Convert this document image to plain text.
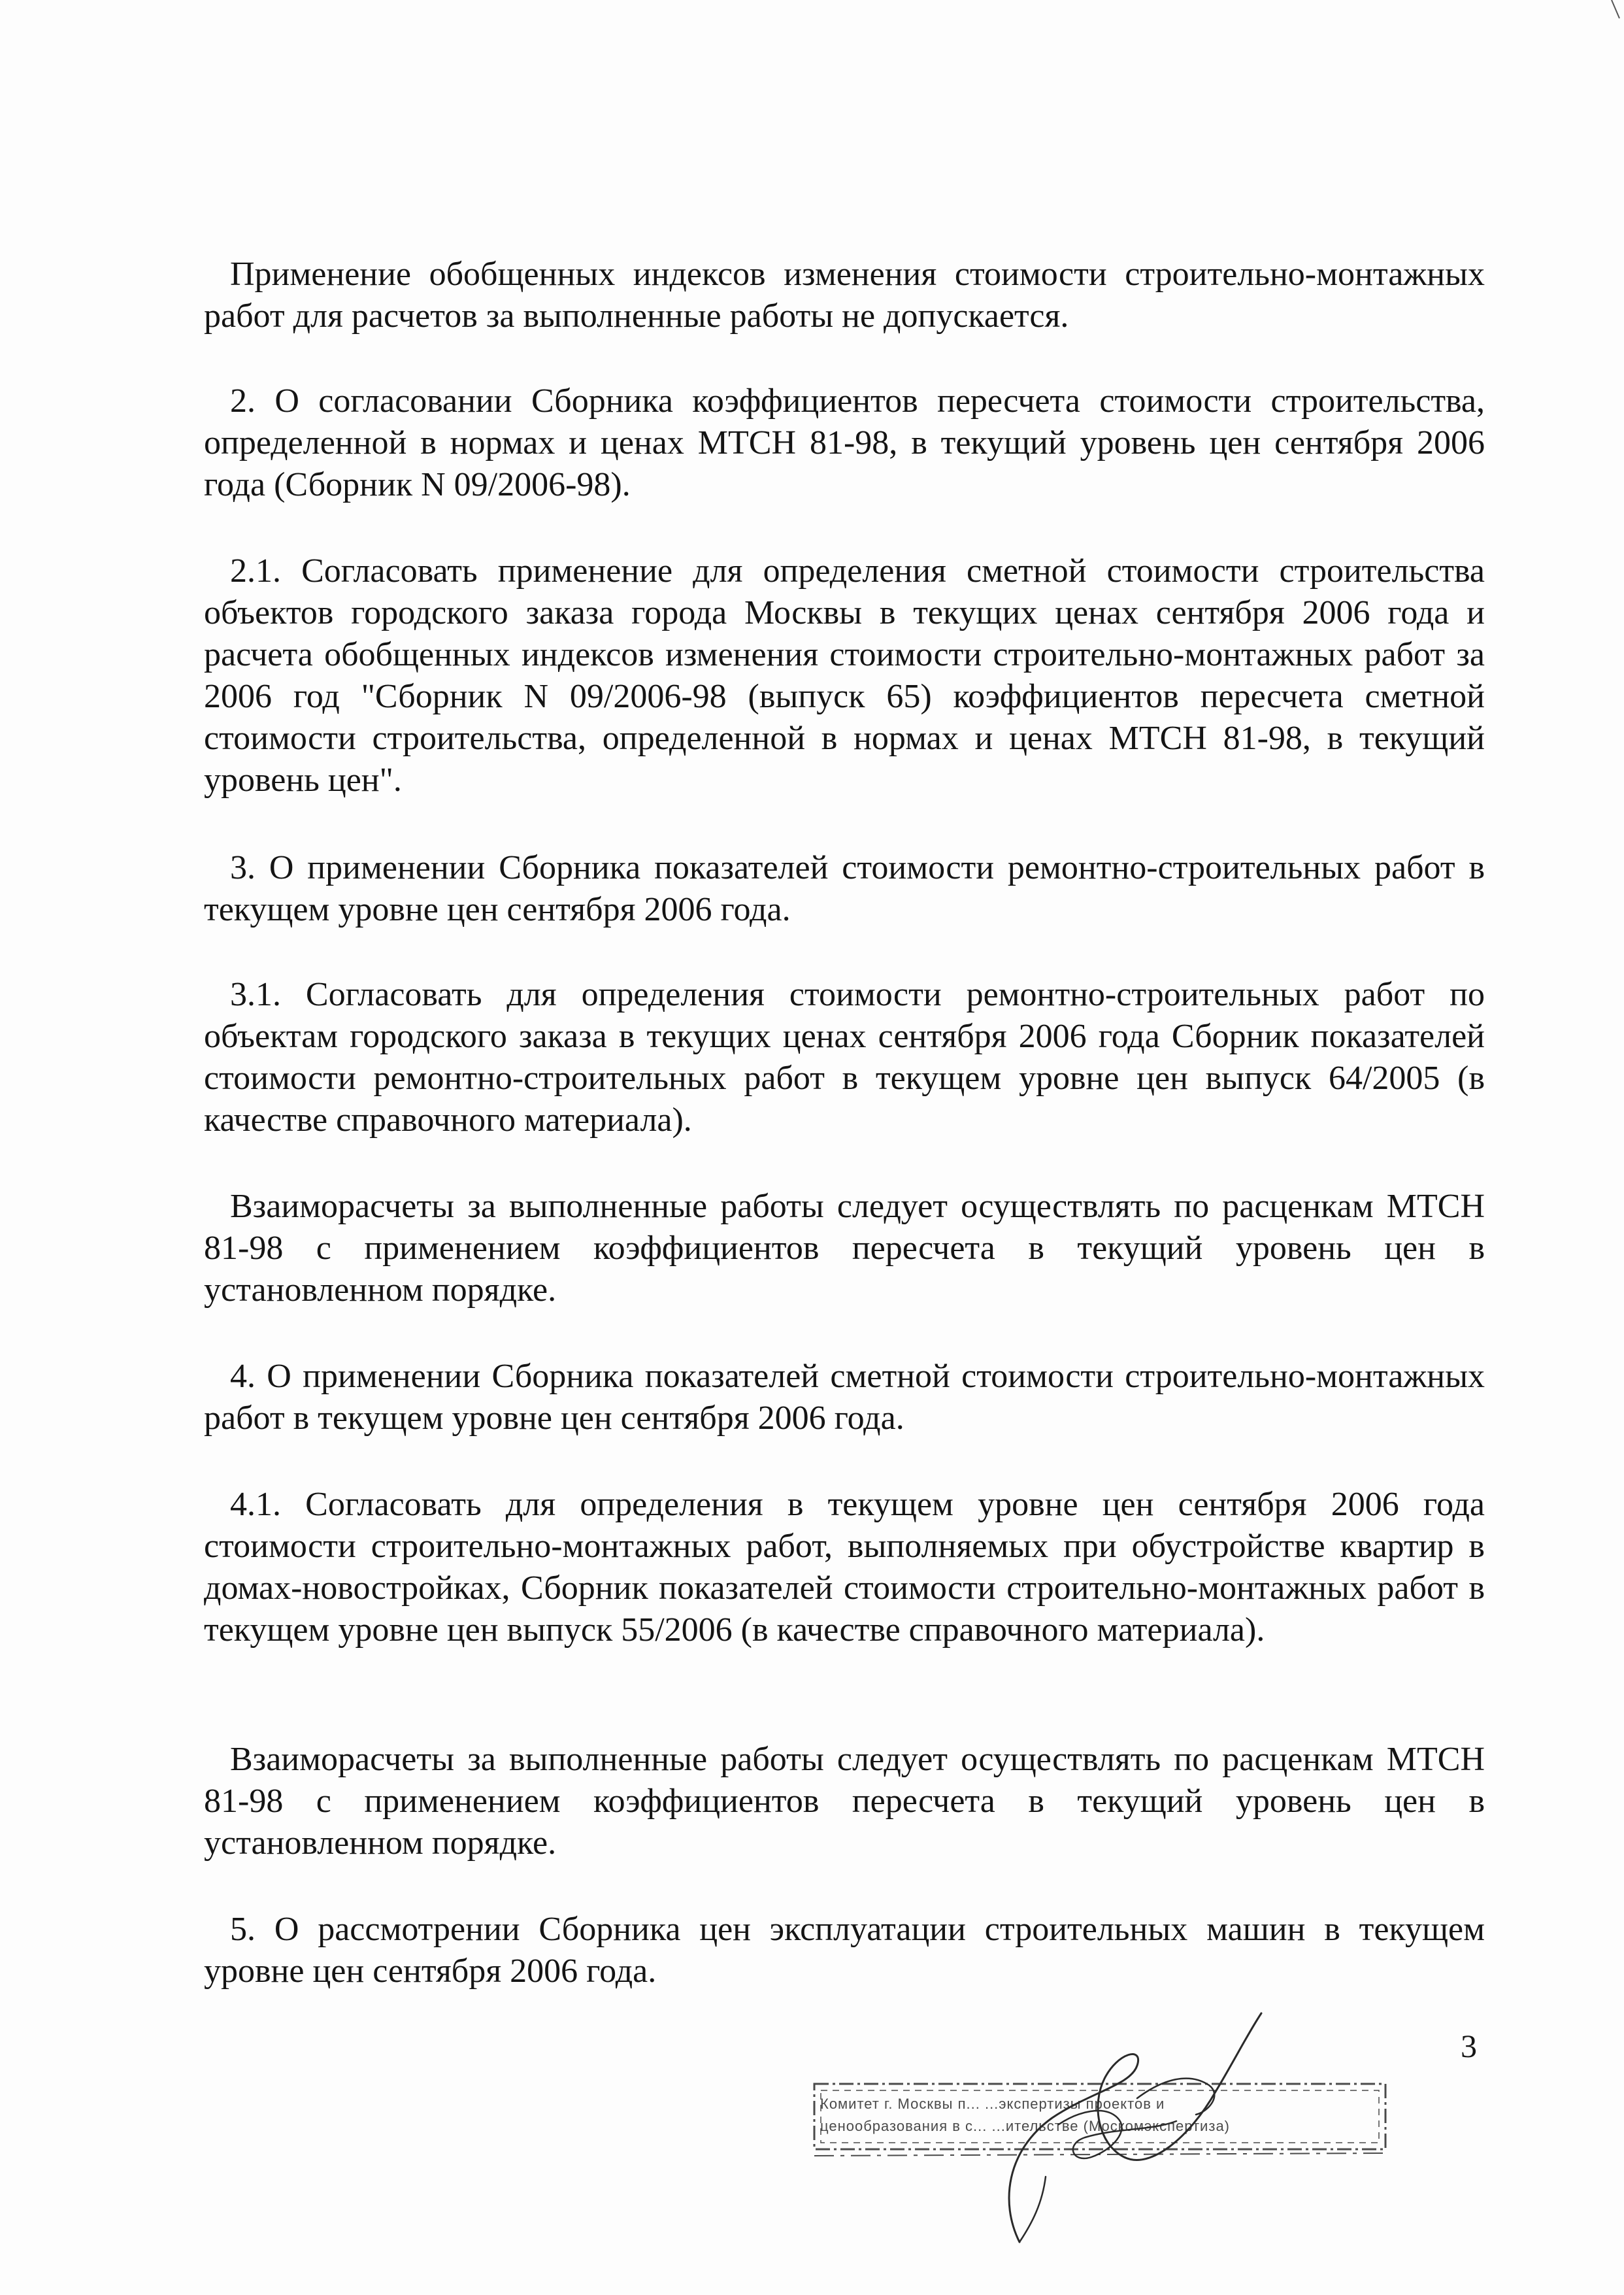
Применение обобщенных индексов изменения стоимости строительно-монтажных работ для расчетов за выполненные работы не допускается.

2. О согласовании Сборника коэффициентов пересчета стоимости строительства, определенной в нормах и ценах МТСН 81-98, в текущий уровень цен сентября 2006 года (Сборник N 09/2006-98).

2.1. Согласовать применение для определения сметной стоимости строительства объектов городского заказа города Москвы в текущих ценах сентября 2006 года и расчета обобщенных индексов изменения стоимости строительно-монтажных работ за 2006 год "Сборник N 09/2006-98 (выпуск 65) коэффициентов пересчета сметной стоимости строительства, определенной в нормах и ценах МТСН 81-98, в текущий уровень цен".

3. О применении Сборника показателей стоимости ремонтно-строительных работ в текущем уровне цен сентября 2006 года.

3.1. Согласовать для определения стоимости ремонтно-строительных работ по объектам городского заказа в текущих ценах сентября 2006 года Сборник показателей стоимости ремонтно-строительных работ в текущем уровне цен выпуск 64/2005 (в качестве справочного материала).

Взаиморасчеты за выполненные работы следует осуществлять по расценкам МТСН 81-98 с применением коэффициентов пересчета в текущий уровень цен в установленном порядке.

4. О применении Сборника показателей сметной стоимости строительно-монтажных работ в текущем уровне цен сентября 2006 года.

4.1. Согласовать для определения в текущем уровне цен сентября 2006 года стоимости строительно-монтажных работ, выполняемых при обустройстве квартир в домах-новостройках, Сборник показателей стоимости строительно-монтажных работ в текущем уровне цен выпуск 55/2006 (в качестве справочного материала).

Взаиморасчеты за выполненные работы следует осуществлять по расценкам МТСН 81-98 с применением коэффициентов пересчета в текущий уровень цен в установленном порядке.

5. О рассмотрении Сборника цен эксплуатации строительных машин в текущем уровне цен сентября 2006 года.

3
Комитет г. Москвы п... ...экспертизы проектов и
ценообразования в с... ...ительстве (Москомэкспертиза)
